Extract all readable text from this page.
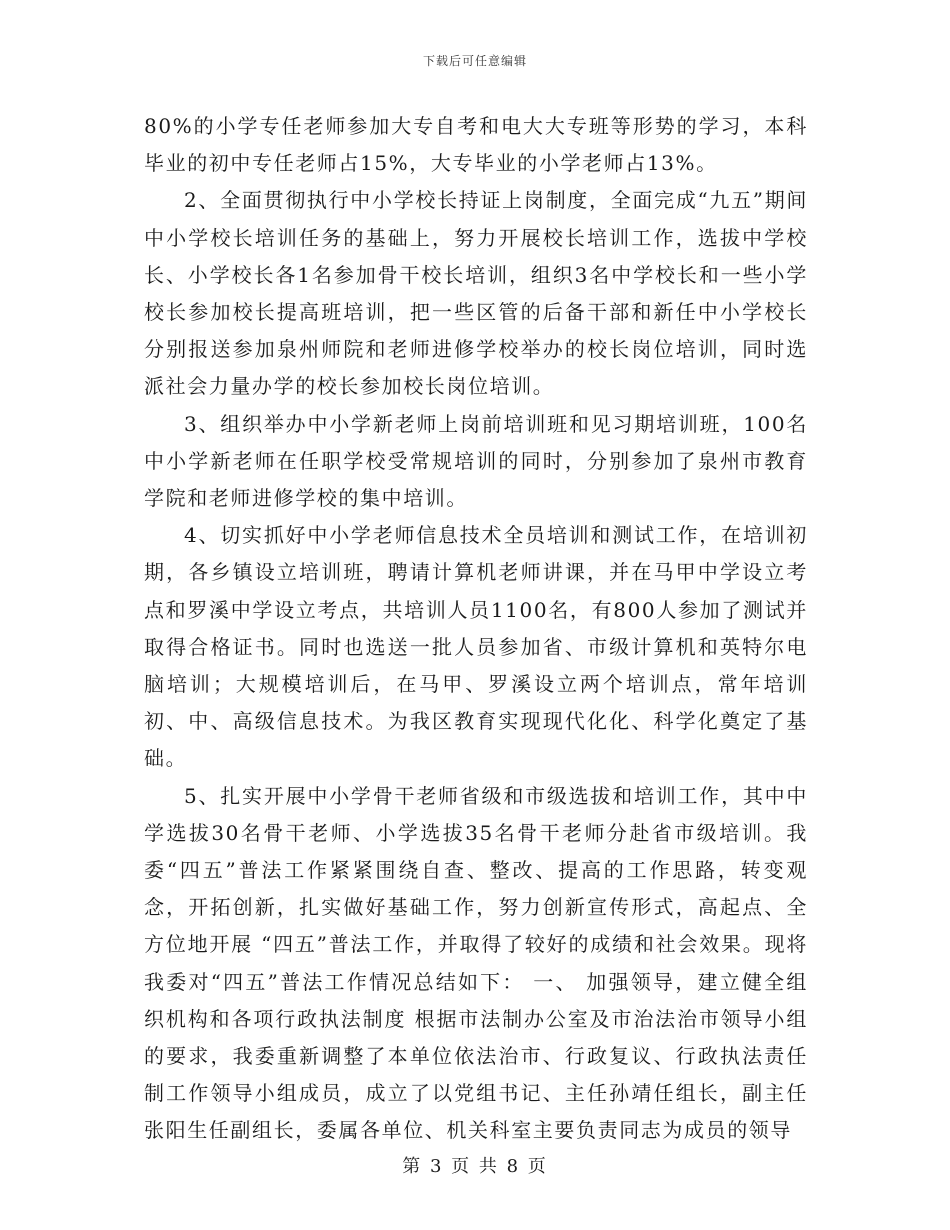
下载后可任意编辑

80%的小学专任老师参加大专自考和电大大专班等形势的学习，本科毕业的初中专任老师占15%，大专毕业的小学老师占13%。

2、全面贯彻执行中小学校长持证上岗制度，全面完成“九五”期间中小学校长培训任务的基础上，努力开展校长培训工作，选拔中学校长、小学校长各1名参加骨干校长培训，组织3名中学校长和一些小学校长参加校长提高班培训，把一些区管的后备干部和新任中小学校长分别报送参加泉州师院和老师进修学校举办的校长岗位培训，同时选派社会力量办学的校长参加校长岗位培训。

3、组织举办中小学新老师上岗前培训班和见习期培训班，100名中小学新老师在任职学校受常规培训的同时，分别参加了泉州市教育学院和老师进修学校的集中培训。

4、切实抓好中小学老师信息技术全员培训和测试工作，在培训初期，各乡镇设立培训班，聘请计算机老师讲课，并在马甲中学设立考点和罗溪中学设立考点，共培训人员1100名，有800人参加了测试并取得合格证书。同时也选送一批人员参加省、市级计算机和英特尔电脑培训；大规模培训后，在马甲、罗溪设立两个培训点，常年培训初、中、高级信息技术。为我区教育实现现代化化、科学化奠定了基础。

5、扎实开展中小学骨干老师省级和市级选拔和培训工作，其中中学选拔30名骨干老师、小学选拔35名骨干老师分赴省市级培训。我委“四五”普法工作紧紧围绕自查、整改、提高的工作思路，转变观念，开拓创新，扎实做好基础工作，努力创新宣传形式，高起点、全方位地开展 “四五”普法工作，并取得了较好的成绩和社会效果。现将我委对“四五”普法工作情况总结如下： 一、 加强领导，建立健全组织机构和各项行政执法制度 根据市法制办公室及市治法治市领导小组的要求，我委重新调整了本单位依法治市、行政复议、行政执法责任制工作领导小组成员，成立了以党组书记、主任孙靖任组长，副主任张阳生任副组长，委属各单位、机关科室主要负责同志为成员的领导

第 3 页 共 8 页
